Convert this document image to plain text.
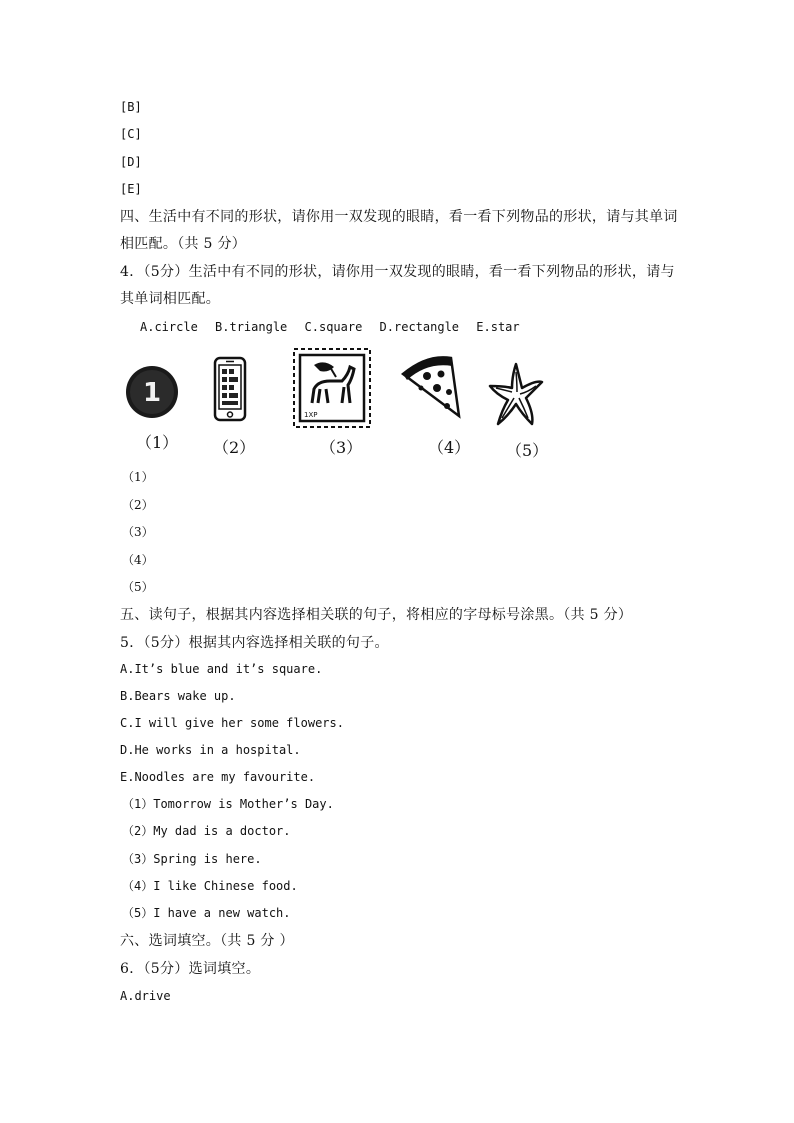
[B]
[C]
[D]
[E]
四、生活中有不同的形状，请你用一双发现的眼睛，看一看下列物品的形状，请与其单词
相匹配。（共 5 分）
4．（5分）生活中有不同的形状，请你用一双发现的眼睛，看一看下列物品的形状，请与
其单词相匹配。
A.circle B.triangle C.square D.rectangle E.star
1
（1） （2）
1XP
（3）	（4） （5）
（1）
（2）
（3）
（4）
（5）
五、读句子，根据其内容选择相关联的句子，将相应的字母标号涂黑。（共 5 分）
5．（5分）根据其内容选择相关联的句子。
A.It’s blue and it’s square.
B.Bears wake up.
C.I will give her some flowers.
D.He works in a hospital.
E.Noodles are my favourite.
（1）Tomorrow is Mother’s Day.
（2）My dad is a doctor.
（3）Spring is here.
（4）I like Chinese food.
（5）I have a new watch.
六、选词填空。（共 5 分 ）
6．（5分）选词填空。
A.drive
